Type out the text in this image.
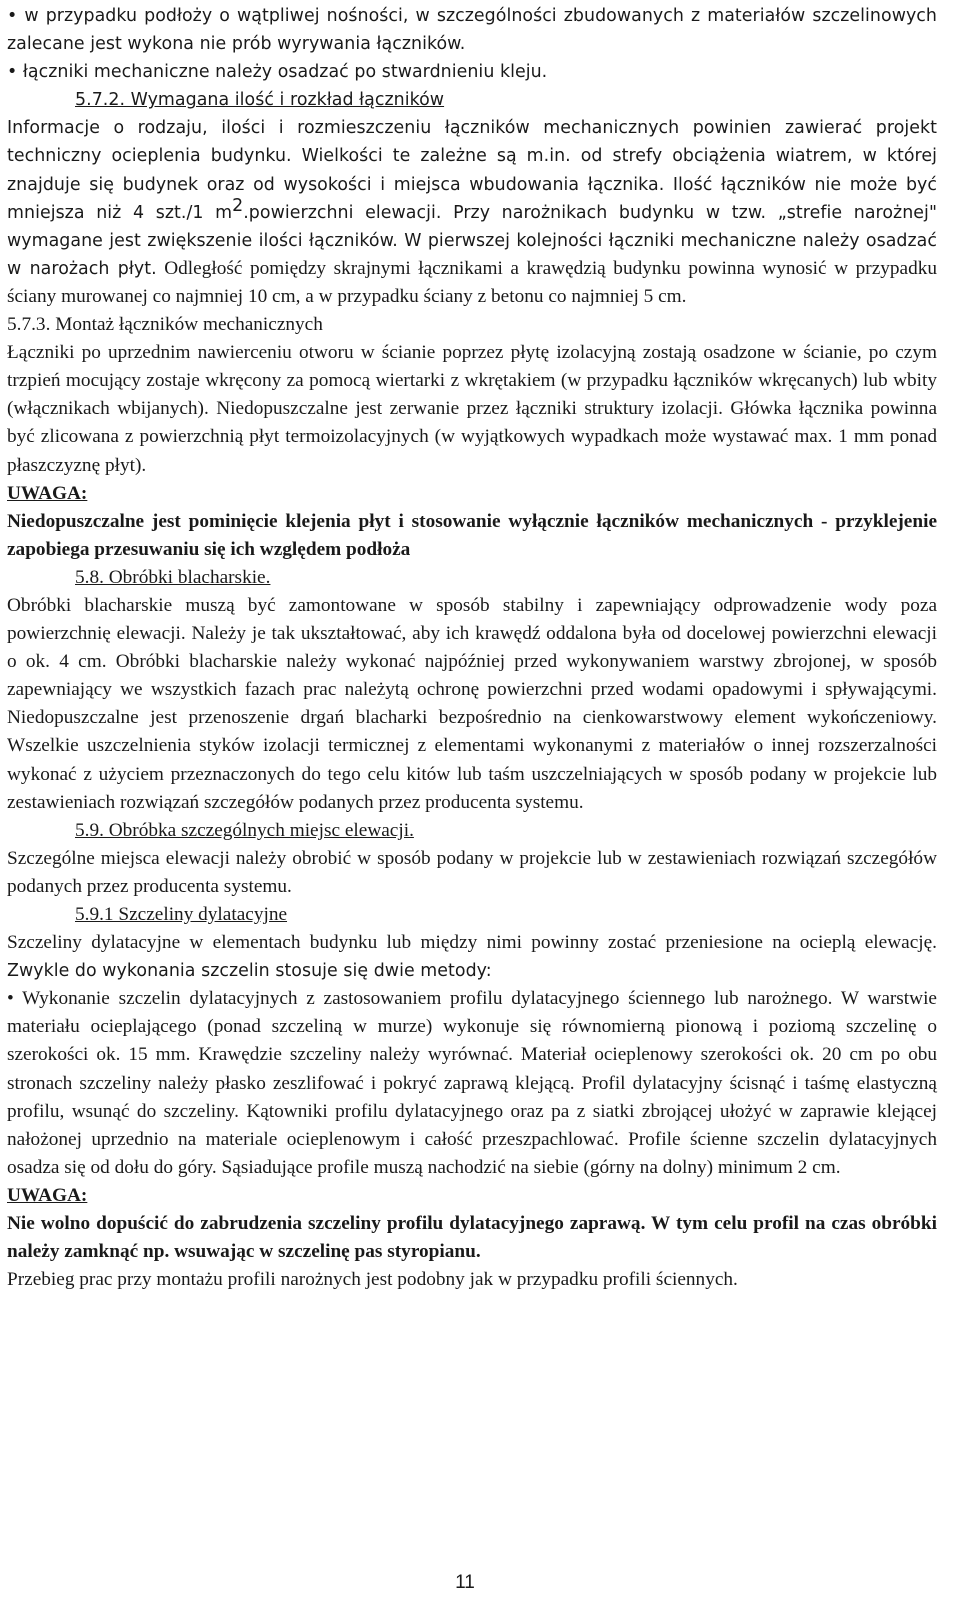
• w przypadku podłoży o wątpliwej nośności, w szczególności zbudowanych z materiałów szczelinowych zalecane jest wykona nie prób wyrywania łączników.

• łączniki mechaniczne należy osadzać po stwardnieniu kleju.

5.7.2. Wymagana ilość i rozkład łączników

Informacje o rodzaju, ilości i rozmieszczeniu łączników mechanicznych powinien zawierać projekt techniczny ocieplenia budynku. Wielkości te zależne są m.in. od strefy obciążenia wiatrem, w której znajduje się budynek oraz od wysokości i miejsca wbudowania łącznika. Ilość łączników nie może być mniejsza niż 4 szt./1 $m^2.powierzchni$ elewacji. Przy narożnikach budynku w tzw. „strefie narożnej" wymagane jest zwiększenie ilości łączników. W pierwszej kolejności łączniki mechaniczne należy osadzać w narożach płyt. Odległość pomiędzy skrajnymi łącznikami a krawędzią budynku powinna wynosić w przypadku ściany murowanej co najmniej 10 cm, a w przypadku ściany z betonu co najmniej 5 cm.

5.7.3. Montaż łączników mechanicznych

Łączniki po uprzednim nawierceniu otworu w ścianie poprzez płytę izolacyjną zostają osadzone w ścianie, po czym trzpień mocujący zostaje wkręcony za pomocą wiertarki z wkrętakiem (w przypadku łączników wkręcanych) lub wbity (włącznikach wbijanych). Niedopuszczalne jest zerwanie przez łączniki struktury izolacji. Główka łącznika powinna być zlicowana z powierzchnią płyt termoizolacyjnych (w wyjątkowych wypadkach może wystawać max. 1 mm ponad płaszczyznę płyt).

UWAGA:

Niedopuszczalne jest pominięcie klejenia płyt i stosowanie wyłącznie łączników mechanicznych - przyklejenie zapobiega przesuwaniu się ich względem podłoża

5.8. Obróbki blacharskie.

Obróbki blacharskie muszą być zamontowane w sposób stabilny i zapewniający odprowadzenie wody poza powierzchnię elewacji. Należy je tak ukształtować, aby ich krawędź oddalona była od docelowej powierzchni elewacji o ok. 4 cm. Obróbki blacharskie należy wykonać najpóźniej przed wykonywaniem warstwy zbrojonej, w sposób zapewniający we wszystkich fazach prac należytą ochronę powierzchni przed wodami opadowymi i spływającymi. Niedopuszczalne jest przenoszenie drgań blacharki bezpośrednio na cienkowarstwowy element wykończeniowy. Wszelkie uszczelnienia styków izolacji termicznej z elementami wykonanymi z materiałów o innej rozszerzalności wykonać z użyciem przeznaczonych do tego celu kitów lub taśm uszczelniających w sposób podany w projekcie lub zestawieniach rozwiązań szczegółów podanych przez producenta systemu.

5.9. Obróbka szczególnych miejsc elewacji.

Szczególne miejsca elewacji należy obrobić w sposób podany w projekcie lub w zestawieniach rozwiązań szczegółów podanych przez producenta systemu.

5.9.1 Szczeliny dylatacyjne

Szczeliny dylatacyjne w elementach budynku lub między nimi powinny zostać przeniesione na ocieplą elewację. Zwykle do wykonania szczelin stosuje się dwie metody:

• Wykonanie szczelin dylatacyjnych z zastosowaniem profilu dylatacyjnego ściennego lub narożnego. W warstwie materiału ocieplającego (ponad szczeliną w murze) wykonuje się równomierną pionową i poziomą szczelinę o szerokości ok. 15 mm. Krawędzie szczeliny należy wyrównać. Materiał ocieplenowy szerokości ok. 20 cm po obu stronach szczeliny należy płasko zeszlifować i pokryć zaprawą klejącą. Profil dylatacyjny ścisnąć i taśmę elastyczną profilu, wsunąć do szczeliny. Kątowniki profilu dylatacyjnego oraz pa z siatki zbrojącej ułożyć w zaprawie klejącej nałożonej uprzednio na materiale ocieplenowym i całość przeszpachlować. Profile ścienne szczelin dylatacyjnych osadza się od dołu do góry. Sąsiadujące profile muszą nachodzić na siebie (górny na dolny) minimum 2 cm.

UWAGA:

Nie wolno dopuścić do zabrudzenia szczeliny profilu dylatacyjnego zaprawą. W tym celu profil na czas obróbki należy zamknąć np. wsuwając w szczelinę pas styropianu.

Przebieg prac przy montażu profili narożnych jest podobny jak w przypadku profili ściennych.

11
